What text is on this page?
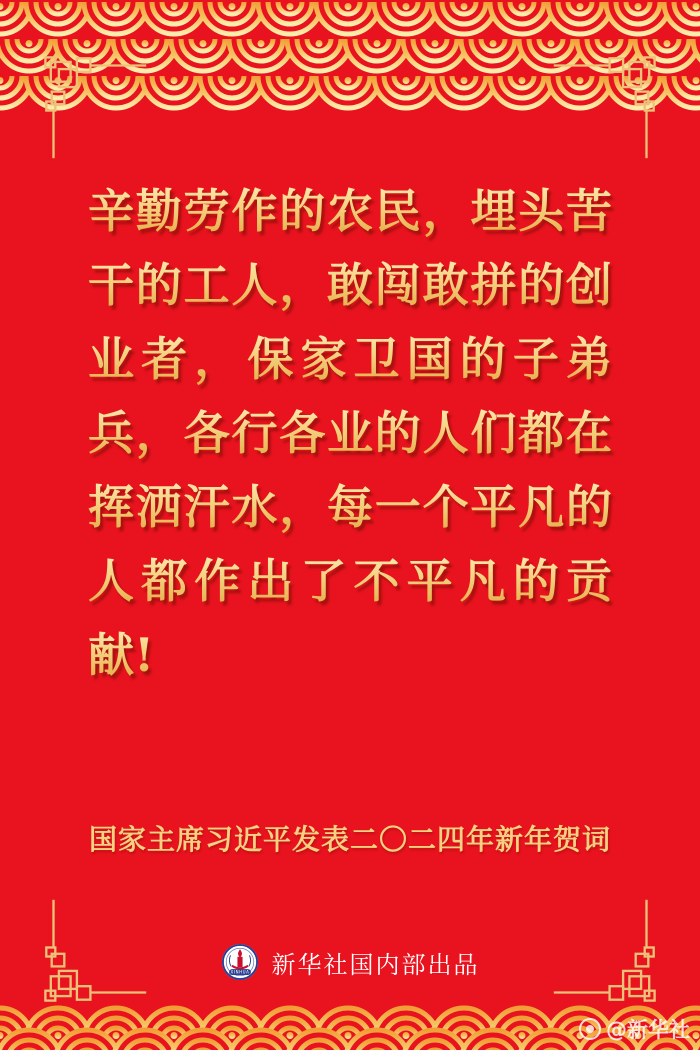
辛勤劳作的农民，埋头苦
干的工人，敢闯敢拼的创
业者，保家卫国的子弟
兵，各行各业的人们都在
挥洒汗水，每一个平凡的
人都作出了不平凡的贡
献!
国家主席习近平发表二〇二四年新年贺词
XINHUA 新华社国内部出品
@新华社
